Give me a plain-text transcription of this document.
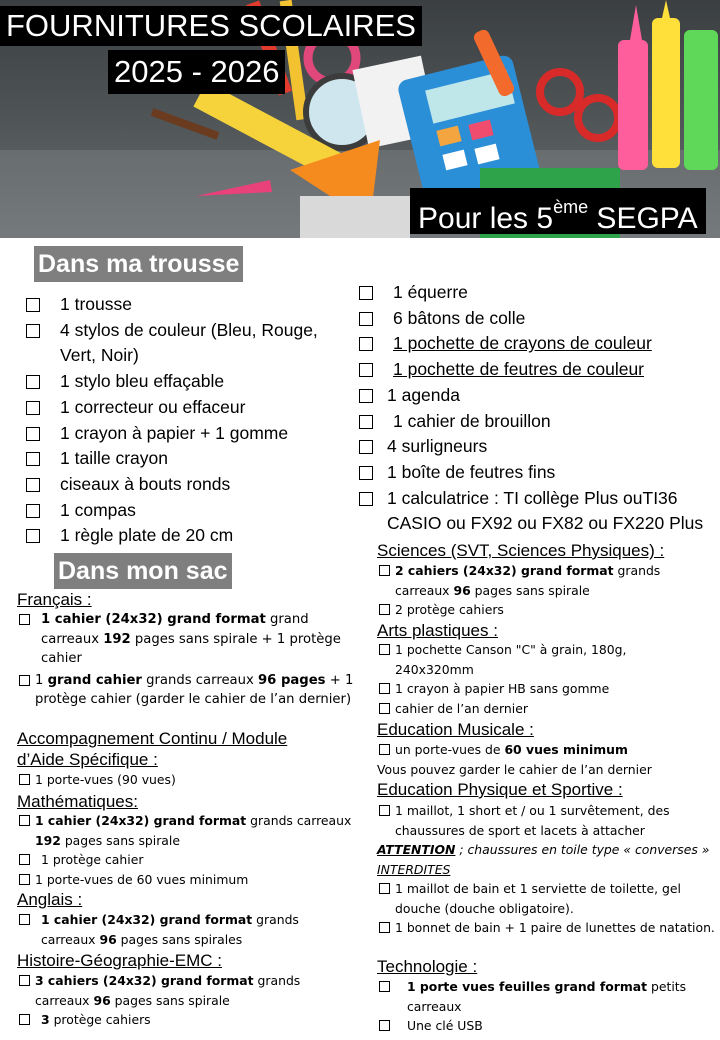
FOURNITURES SCOLAIRES
2025 - 2026
Pour les 5ème SEGPA
Dans ma trousse
1 trousse
4 stylos de couleur (Bleu, Rouge, Vert, Noir)
1 stylo bleu effaçable
1 correcteur ou effaceur
1 crayon à papier + 1 gomme
1 taille crayon
ciseaux à bouts ronds
1 compas
1 règle plate de 20 cm
1 équerre
6 bâtons de colle
1 pochette de crayons de couleur
1 pochette de feutres de couleur
1 agenda
1 cahier de brouillon
4 surligneurs
1 boîte de feutres fins
1 calculatrice : TI collège Plus ouTI36 CASIO ou FX92 ou FX82 ou FX220 Plus
Dans mon sac
Français :
1 cahier (24x32) grand format grand carreaux 192 pages sans spirale + 1 protège cahier
1 grand cahier grands carreaux 96 pages + 1 protège cahier (garder le cahier de l’an dernier)
Accompagnement Continu / Module d’Aide Spécifique :
1 porte-vues (90 vues)
Mathématiques:
1 cahier (24x32) grand format grands carreaux 192 pages sans spirale
1 protège cahier
1 porte-vues de 60 vues minimum
Anglais :
1 cahier (24x32) grand format grands carreaux 96 pages sans spirales
Histoire-Géographie-EMC :
3 cahiers (24x32) grand format grands carreaux 96 pages sans spirale
3 protège cahiers
Sciences (SVT, Sciences Physiques) :
2 cahiers (24x32) grand format grands carreaux 96 pages sans spirale
2 protège cahiers
Arts plastiques :
1 pochette Canson "C" à grain, 180g, 240x320mm
1 crayon à papier HB sans gomme
cahier de l’an dernier
Education Musicale :
un porte-vues de 60 vues minimum
Vous pouvez garder le cahier de l’an dernier
Education Physique et Sportive :
1 maillot, 1 short et / ou 1 survêtement, des chaussures de sport et lacets à attacher
ATTENTION ; chaussures en toile type « converses »
INTERDITES
1 maillot de bain et 1 serviette de toilette, gel douche (douche obligatoire).
1 bonnet de bain + 1 paire de lunettes de natation.
Technologie :
1 porte vues feuilles grand format petits carreaux
Une clé USB
